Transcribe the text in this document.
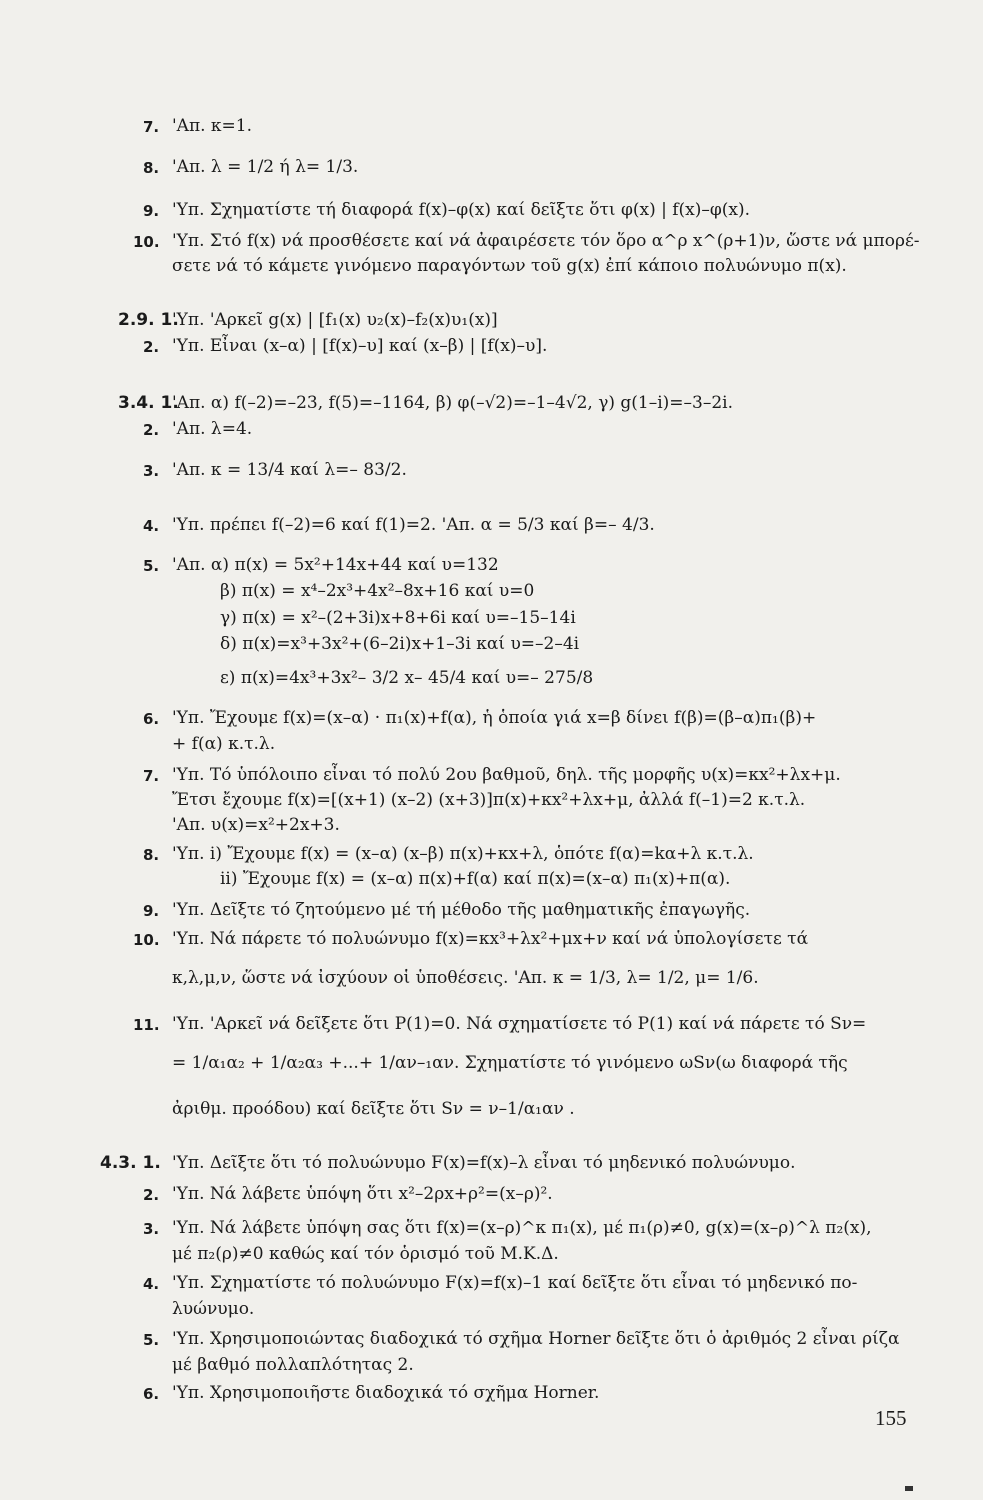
7. 'Απ. κ=1.
8. 'Απ. λ = 1/2 ή λ= 1/3.
9. 'Υπ. Σχηματίστε τή διαφορά f(x)–φ(x) καί δεῖξτε ὅτι φ(x) | f(x)–φ(x).
10. 'Υπ. Στό f(x) νά προσθέσετε καί νά ἀφαιρέσετε τόν ὅρο α^ρ x^(ρ+1)ν, ὥστε νά μπορέ-
σετε νά τό κάμετε γινόμενο παραγόντων τοῦ g(x) ἐπί κάποιο πολυώνυμο π(x).
2.9. 1.
'Υπ. 'Αρκεῖ g(x) | [f₁(x) υ₂(x)–f₂(x)υ₁(x)]
2. 'Υπ. Εἶναι (x–α) | [f(x)–υ] καί (x–β) | [f(x)–υ].
3.4. 1.
'Απ. α) f(–2)=–23, f(5)=–1164, β) φ(–√2)=–1–4√2, γ) g(1–i)=–3–2i.
2. 'Απ. λ=4.
3. 'Απ. κ = 13/4 καί λ=– 83/2.
4. 'Υπ. πρέπει f(–2)=6 καί f(1)=2. 'Απ. α = 5/3 καί β=– 4/3.
5. 'Απ. α) π(x) = 5x²+14x+44 καί υ=132
β) π(x) = x⁴–2x³+4x²–8x+16 καί υ=0
γ) π(x) = x²–(2+3i)x+8+6i καί υ=–15–14i
δ) π(x)=x³+3x²+(6–2i)x+1–3i καί υ=–2–4i
ε) π(x)=4x³+3x²– 3/2 x– 45/4 καί υ=– 275/8
6. 'Υπ. Ἔχουμε f(x)=(x–α) · π₁(x)+f(α), ἡ ὁποία γιά x=β δίνει f(β)=(β–α)π₁(β)+
+ f(α) κ.τ.λ.
7. 'Υπ. Τό ὑπόλοιπο εἶναι τό πολύ 2ου βαθμοῦ, δηλ. τῆς μορφῆς υ(x)=κx²+λx+μ.
Ἔτσι ἔχουμε f(x)=[(x+1) (x–2) (x+3)]π(x)+κx²+λx+μ, ἀλλά f(–1)=2 κ.τ.λ.
'Απ. υ(x)=x²+2x+3.
8. 'Υπ. i) Ἔχουμε f(x) = (x–α) (x–β) π(x)+κx+λ, ὁπότε f(α)=kα+λ κ.τ.λ.
ii) Ἔχουμε f(x) = (x–α) π(x)+f(α) καί π(x)=(x–α) π₁(x)+π(α).
9. 'Υπ. Δεῖξτε τό ζητούμενο μέ τή μέθοδο τῆς μαθηματικῆς ἐπαγωγῆς.
10. 'Υπ. Νά πάρετε τό πολυώνυμο f(x)=κx³+λx²+μx+ν καί νά ὑπολογίσετε τά
κ,λ,μ,ν, ὥστε νά ἰσχύουν οἱ ὑποθέσεις. 'Απ. κ = 1/3, λ= 1/2, μ= 1/6.
11. 'Υπ. 'Αρκεῖ νά δεῖξετε ὅτι P(1)=0. Νά σχηματίσετε τό P(1) καί νά πάρετε τό Sν=
= 1/α₁α₂ + 1/α₂α₃ +...+ 1/αν–₁αν. Σχηματίστε τό γινόμενο ωSν(ω διαφορά τῆς
ἀριθμ. προόδου) καί δεῖξτε ὅτι Sν = ν–1/α₁αν .
4.3. 1. 'Υπ. Δεῖξτε ὅτι τό πολυώνυμο F(x)=f(x)–λ εἶναι τό μηδενικό πολυώνυμο.
2. 'Υπ. Νά λάβετε ὑπόψη ὅτι x²–2ρx+ρ²=(x–ρ)².
3. 'Υπ. Νά λάβετε ὑπόψη σας ὅτι f(x)=(x–ρ)^κ π₁(x), μέ π₁(ρ)≠0, g(x)=(x–ρ)^λ π₂(x),
μέ π₂(ρ)≠0 καθώς καί τόν ὁρισμό τοῦ Μ.Κ.Δ.
4. 'Υπ. Σχηματίστε τό πολυώνυμο F(x)=f(x)–1 καί δεῖξτε ὅτι εἶναι τό μηδενικό πο-
λυώνυμο.
5. 'Υπ. Χρησιμοποιώντας διαδοχικά τό σχῆμα Horner δεῖξτε ὅτι ὁ ἀριθμός 2 εἶναι ρίζα
μέ βαθμό πολλαπλότητας 2.
6. 'Υπ. Χρησιμοποιῆστε διαδοχικά τό σχῆμα Horner.
155
